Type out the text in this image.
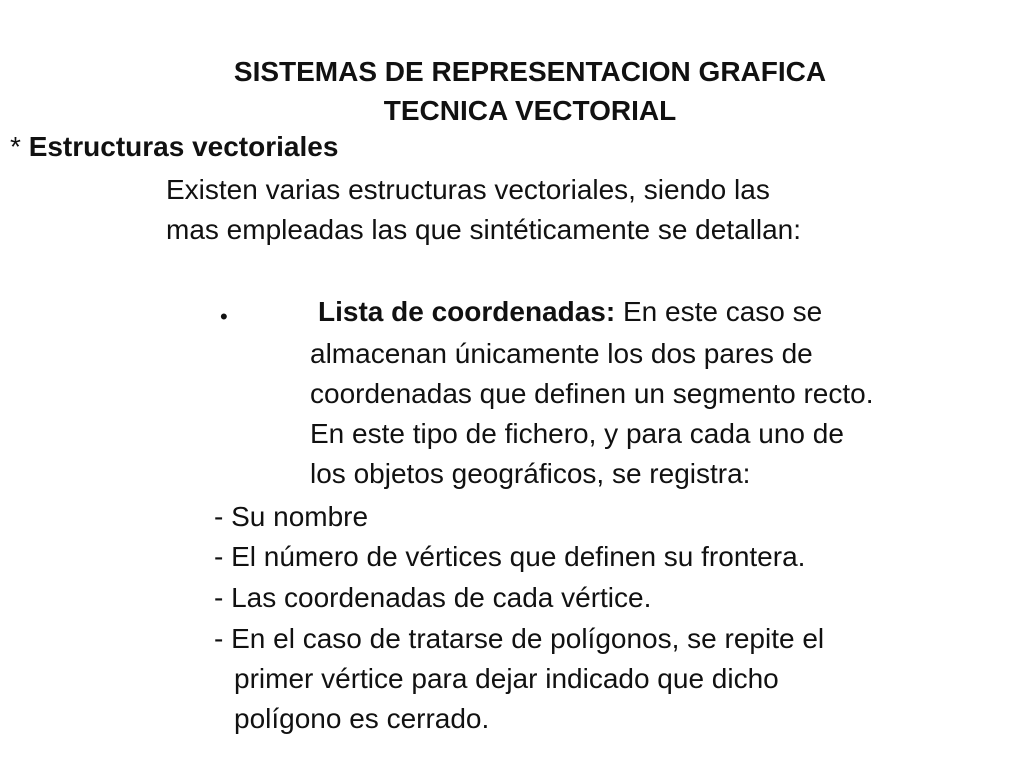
SISTEMAS DE REPRESENTACION GRAFICA
TECNICA VECTORIAL
* Estructuras vectoriales
Existen varias estructuras vectoriales, siendo las
mas empleadas las que sintéticamente se detallan:
•	Lista de coordenadas: En este caso se
almacenan únicamente los dos pares de
coordenadas que definen un segmento recto.
En este tipo de fichero, y para cada uno de
los objetos geográficos, se registra:
- Su nombre
- El número de vértices que definen su frontera.
- Las coordenadas de cada vértice.
- En el caso de tratarse de polígonos, se repite el
primer vértice para dejar indicado que dicho
polígono es cerrado.
